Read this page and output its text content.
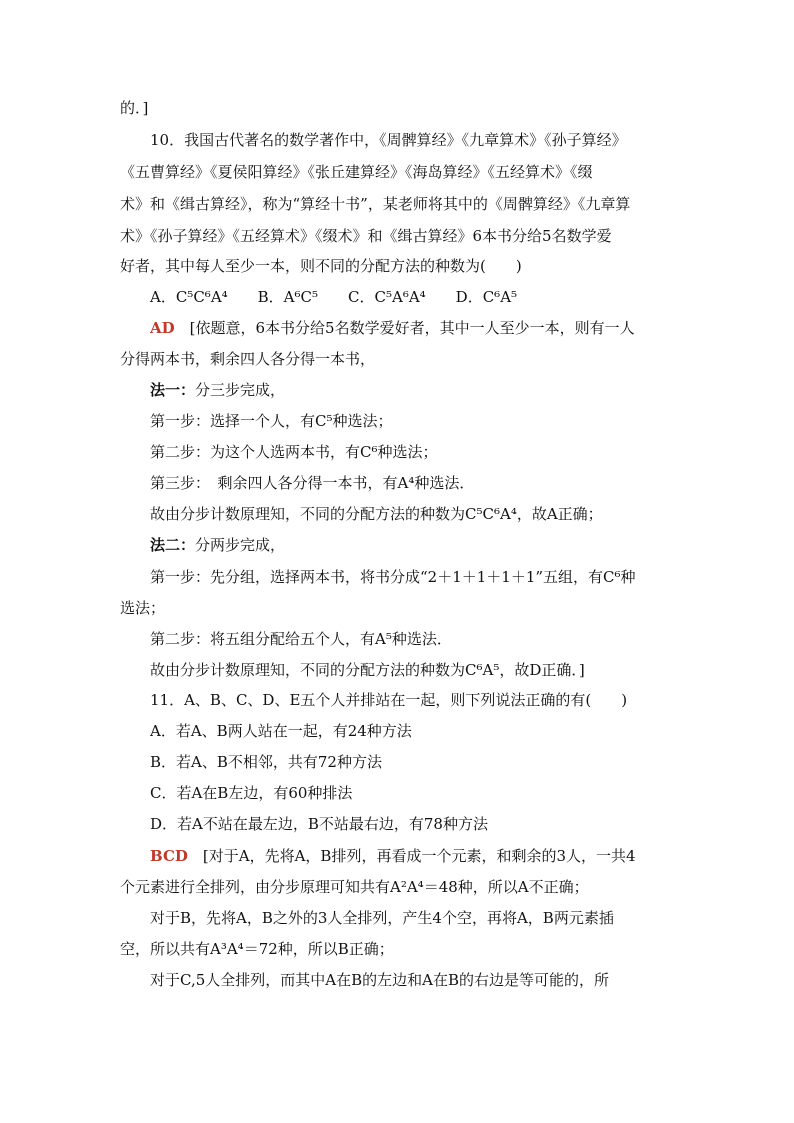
的．]
10．我国古代著名的数学著作中，《周髀算经》《九章算术》《孙子算经》
《五曹算经》《夏侯阳算经》《张丘建算经》《海岛算经》《五经算术》《缀
术》和《缉古算经》，称为“算经十书”，某老师将其中的《周髀算经》《九章算
术》《孙子算经》《五经算术》《缀术》和《缉古算经》6本书分给5名数学爱
好者，其中每人至少一本，则不同的分配方法的种数为(　　)
A．C⁵C⁶A⁴　　B．A⁶C⁵　　C．C⁵A⁶A⁴　　D．C⁶A⁵
AD　[依题意，6本书分给5名数学爱好者，其中一人至少一本，则有一人
分得两本书，剩余四人各分得一本书，
法一：分三步完成，
第一步：选择一个人，有C⁵种选法；
第二步：为这个人选两本书，有C⁶种选法；
第三步：　剩余四人各分得一本书，有A⁴种选法．
故由分步计数原理知，不同的分配方法的种数为C⁵C⁶A⁴，故A正确；
法二：分两步完成，
第一步：先分组，选择两本书，将书分成“2＋1＋1＋1＋1”五组，有C⁶种
选法；
第二步：将五组分配给五个人，有A⁵种选法．
故由分步计数原理知，不同的分配方法的种数为C⁶A⁵，故D正确．]
11．A、B、C、D、E五个人并排站在一起，则下列说法正确的有(　　)
A．若A、B两人站在一起，有24种方法
B．若A、B不相邻，共有72种方法
C．若A在B左边，有60种排法
D．若A不站在最左边，B不站最右边，有78种方法
BCD　[对于A，先将A，B排列，再看成一个元素，和剩余的3人，一共4
个元素进行全排列，由分步原理可知共有A²A⁴＝48种，所以A不正确；
对于B，先将A，B之外的3人全排列，产生4个空，再将A，B两元素插
空，所以共有A³A⁴＝72种，所以B正确；
对于C,5人全排列，而其中A在B的左边和A在B的右边是等可能的，所
